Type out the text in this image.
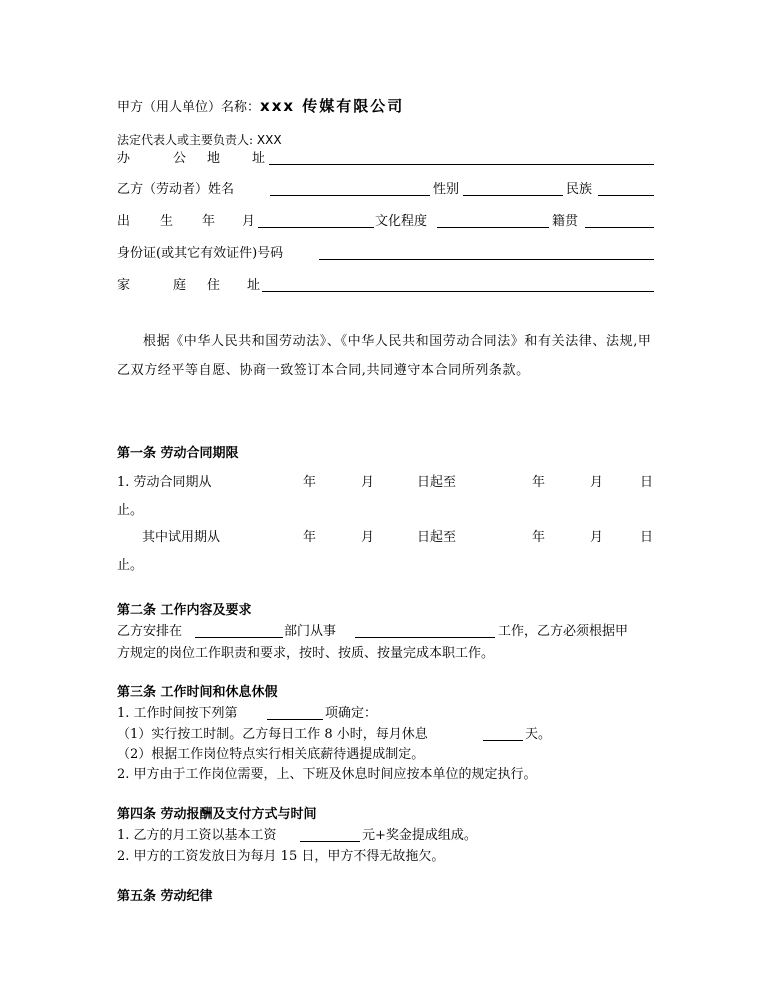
甲方（用人单位）名称：xxx 传媒有限公司
法定代表人或主要负责人: XXX
办	公 地 址
乙方（劳动者）姓名	性别	民族
出 生 年 月	文化程度	籍贯
身份证(或其它有效证件)号码
家	庭 住 址
根据《中华人民共和国劳动法》、《中华人民共和国劳动合同法》和有关法律、法规,甲乙双方经平等自愿、协商一致签订本合同,共同遵守本合同所列条款。
第一条 劳动合同期限
1. 劳动合同期从	年	月	日起至	年	月	日
止。
其中试用期从	年	月	日起至	年	月	日
止。
第二条 工作内容及要求
乙方安排在	部门从事	工作，乙方必须根据甲
方规定的岗位工作职责和要求，按时、按质、按量完成本职工作。
第三条 工作时间和休息休假
1. 工作时间按下列第	项确定：
（1）实行按工时制。乙方每日工作 8 小时，每月休息	天。
（2）根据工作岗位特点实行相关底薪待遇提成制定。
2. 甲方由于工作岗位需要，上、下班及休息时间应按本单位的规定执行。
第四条 劳动报酬及支付方式与时间
1. 乙方的月工资以基本工资	元+奖金提成组成。
2. 甲方的工资发放日为每月 15 日，甲方不得无故拖欠。
第五条 劳动纪律
